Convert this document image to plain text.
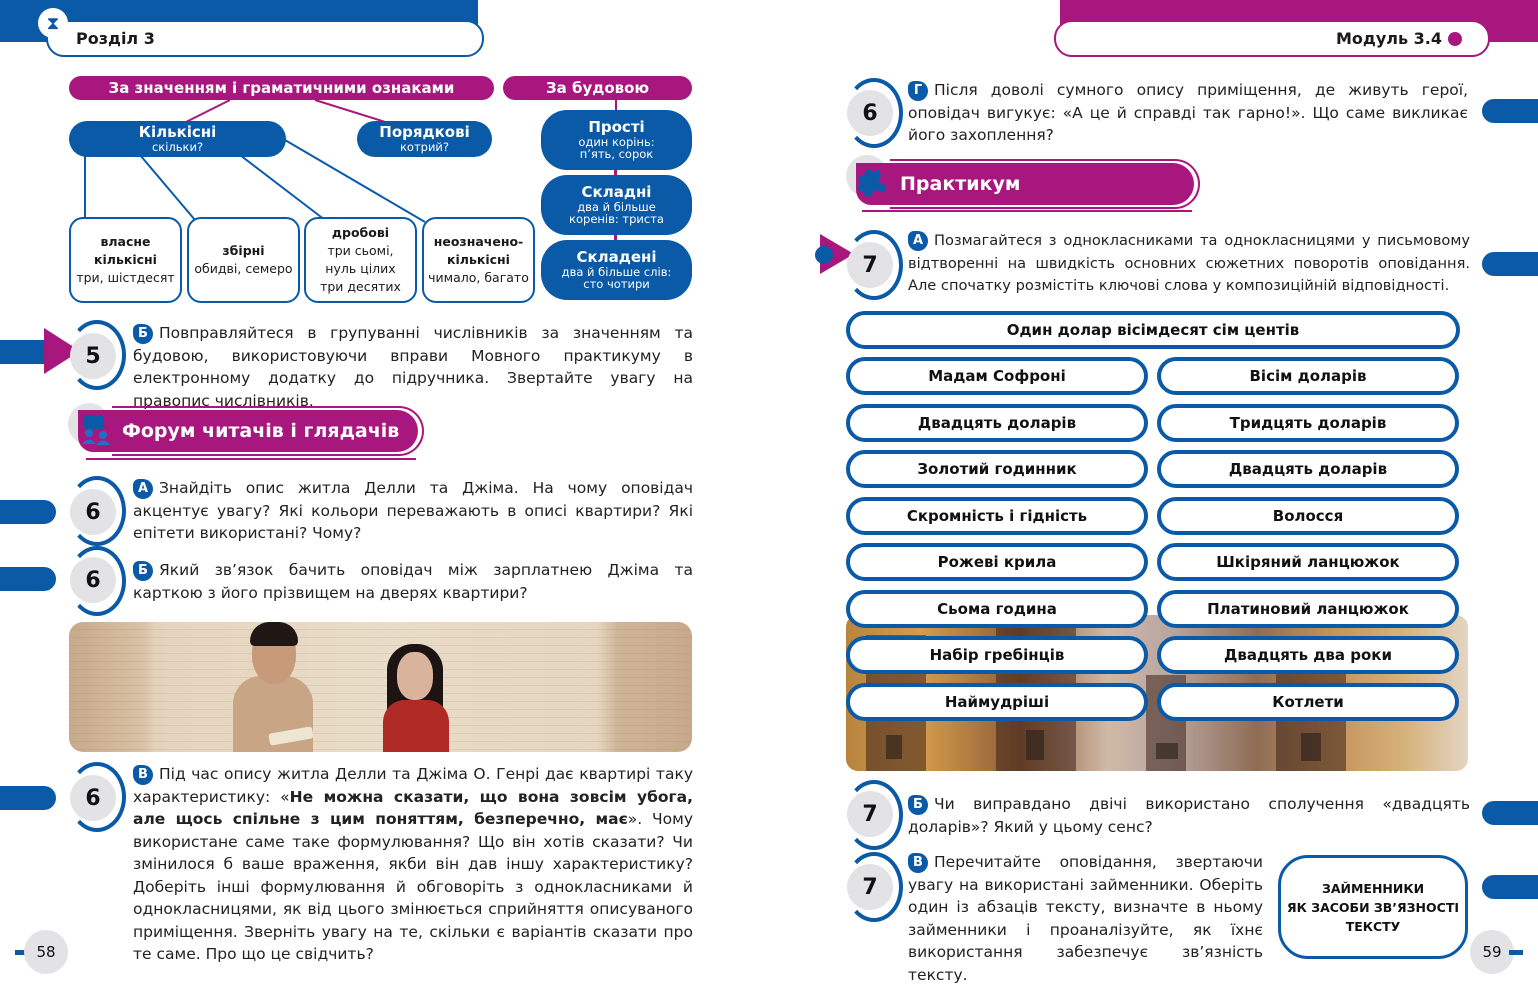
Розділ 3
⧗
Модуль 3.4
За значенням і граматичними ознаками	За будовою
Кількісні
скільки?
Порядкові
котрий?
власне кількісні
три, шістдесят
збірні
обидві, семеро
дробові
три сьомі, нуль цілих три десятих
неозначено-кількісні
чимало, багато
Прості
один корінь: п’ять, сорок
Складні
два й більше коренів: триста
Складені
два й більше слів: сто чотири
5
Б Повправляйтеся в групуванні числівників за значенням та будовою, використовуючи вправи Мовного практикуму в електронному додатку до підручника. Звертайте увагу на правопис числівників.
Форум читачів і глядачів
6
А Знайдіть опис житла Делли та Джіма. На чому оповідач акцентує увагу? Які кольори переважають в описі квартири? Які епітети використані? Чому?
6	Б Який зв’язок бачить оповідач між зарплатнею Джіма та карткою з його прізвищем на дверях квартири?
6
В Під час опису житла Делли та Джіма О. Генрі дає квартирі таку характеристику: «Не можна сказати, що вона зовсім убога, але щось спільне з цим поняттям, безперечно, має». Чому використане саме таке формулювання? Що він хотів сказати? Чи змінилося б ваше враження, якби він дав іншу характеристику? Доберіть інші формулювання й обговоріть з однокласниками й однокласницями, як від цього змінюється сприйняття описуваного приміщення. Зверніть увагу на те, скільки є варіантів сказати про те саме. Про що це свідчить?
58
6
Г Після доволі сумного опису приміщення, де живуть герої, оповідач вигукує: «А це й справді так гарно!». Що саме викликає його захоплення?
Практикум
7
А Позмагайтеся з однокласниками та однокласницями у письмовому відтворенні на швидкість основних сюжетних поворотів оповідання. Але спочатку розмістіть ключові слова у композиційній відповідності.
Один долар вісімдесят сім центів
Мадам Софроні
Двадцять доларів
Золотий годинник
Скромність і гідність
Рожеві крила
Сьома година
Набір гребінців
Наймудріші
Вісім доларів
Тридцять доларів
Двадцять доларів
Волосся
Шкіряний ланцюжок
Платиновий ланцюжок
Двадцять два роки
Котлети
7	Б Чи виправдано двічі використано сполучення «двадцять доларів»? Який у цьому сенс?
7
В Перечитайте оповідання, звертаючи увагу на використані займенники. Оберіть один із абзаців тексту, визначте в ньому займенники і проаналізуйте, як їхнє використання забезпечує зв’язність тексту.
ЗАЙМЕННИКИ
ЯК ЗАСОБИ ЗВ’ЯЗНОСТІ
ТЕКСТУ
59
